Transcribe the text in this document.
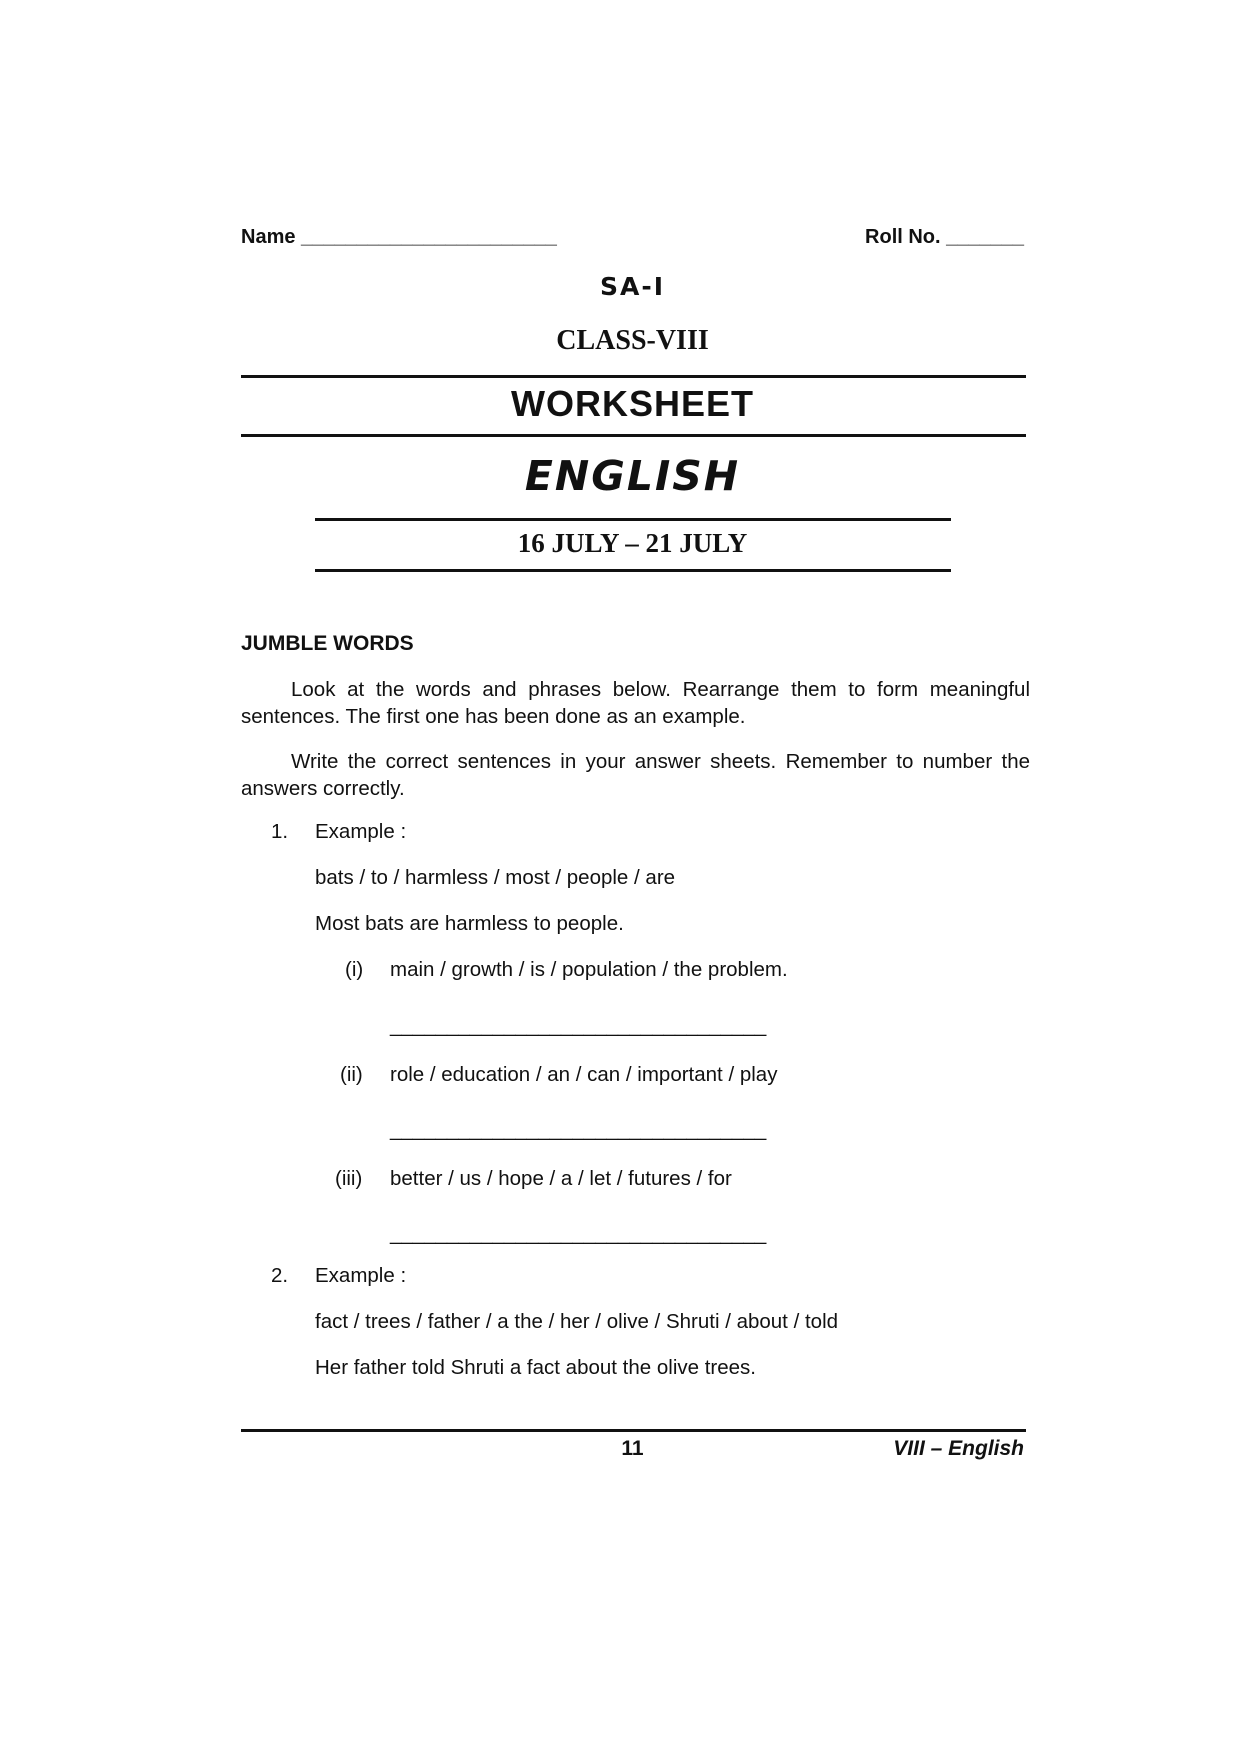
Name _______________________	Roll No. _______
SA-I
CLASS-VIII
WORKSHEET
ENGLISH
16 JULY – 21 JULY
JUMBLE WORDS
Look at the words and phrases below. Rearrange them to form meaningful sentences. The first one has been done as an example.
Write the correct sentences in your answer sheets. Remember to number the answers correctly.
1. Example :
bats / to / harmless / most / people / are
Most bats are harmless to people.
(i) main / growth / is / population / the problem.
_________________________________
(ii) role / education / an / can / important / play
_________________________________
(iii) better / us / hope / a / let / futures / for
_________________________________
2. Example :
fact / trees / father / a the / her / olive / Shruti / about / told
Her father told Shruti a fact about the olive trees.
11	VIII – English
